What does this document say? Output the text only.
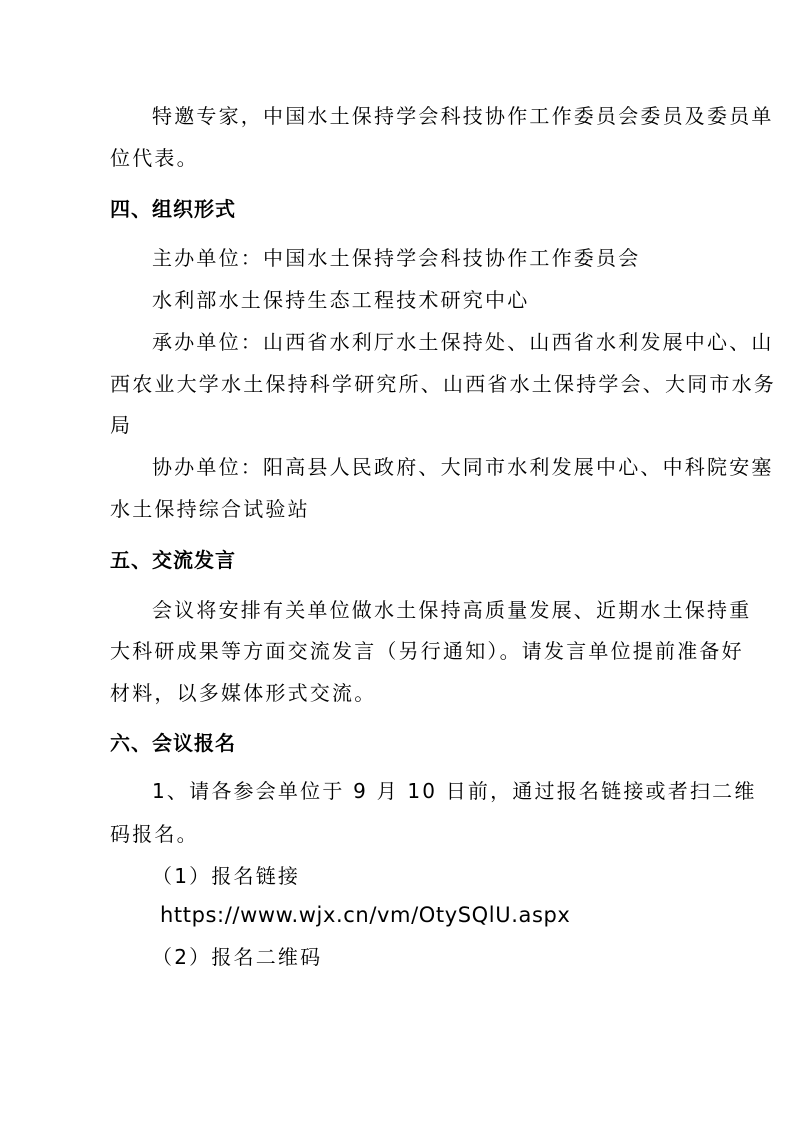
特邀专家，中国水土保持学会科技协作工作委员会委员及委员单
位代表。
四、组织形式
主办单位：中国水土保持学会科技协作工作委员会
水利部水土保持生态工程技术研究中心
承办单位：山西省水利厅水土保持处、山西省水利发展中心、山
西农业大学水土保持科学研究所、山西省水土保持学会、大同市水务
局
协办单位：阳高县人民政府、大同市水利发展中心、中科院安塞
水土保持综合试验站
五、交流发言
会议将安排有关单位做水土保持高质量发展、近期水土保持重
大科研成果等方面交流发言（另行通知）。请发言单位提前准备好
材料，以多媒体形式交流。
六、会议报名
1、请各参会单位于 9 月 10 日前，通过报名链接或者扫二维
码报名。
（1）报名链接
https://www.wjx.cn/vm/OtySQlU.aspx
（2）报名二维码
